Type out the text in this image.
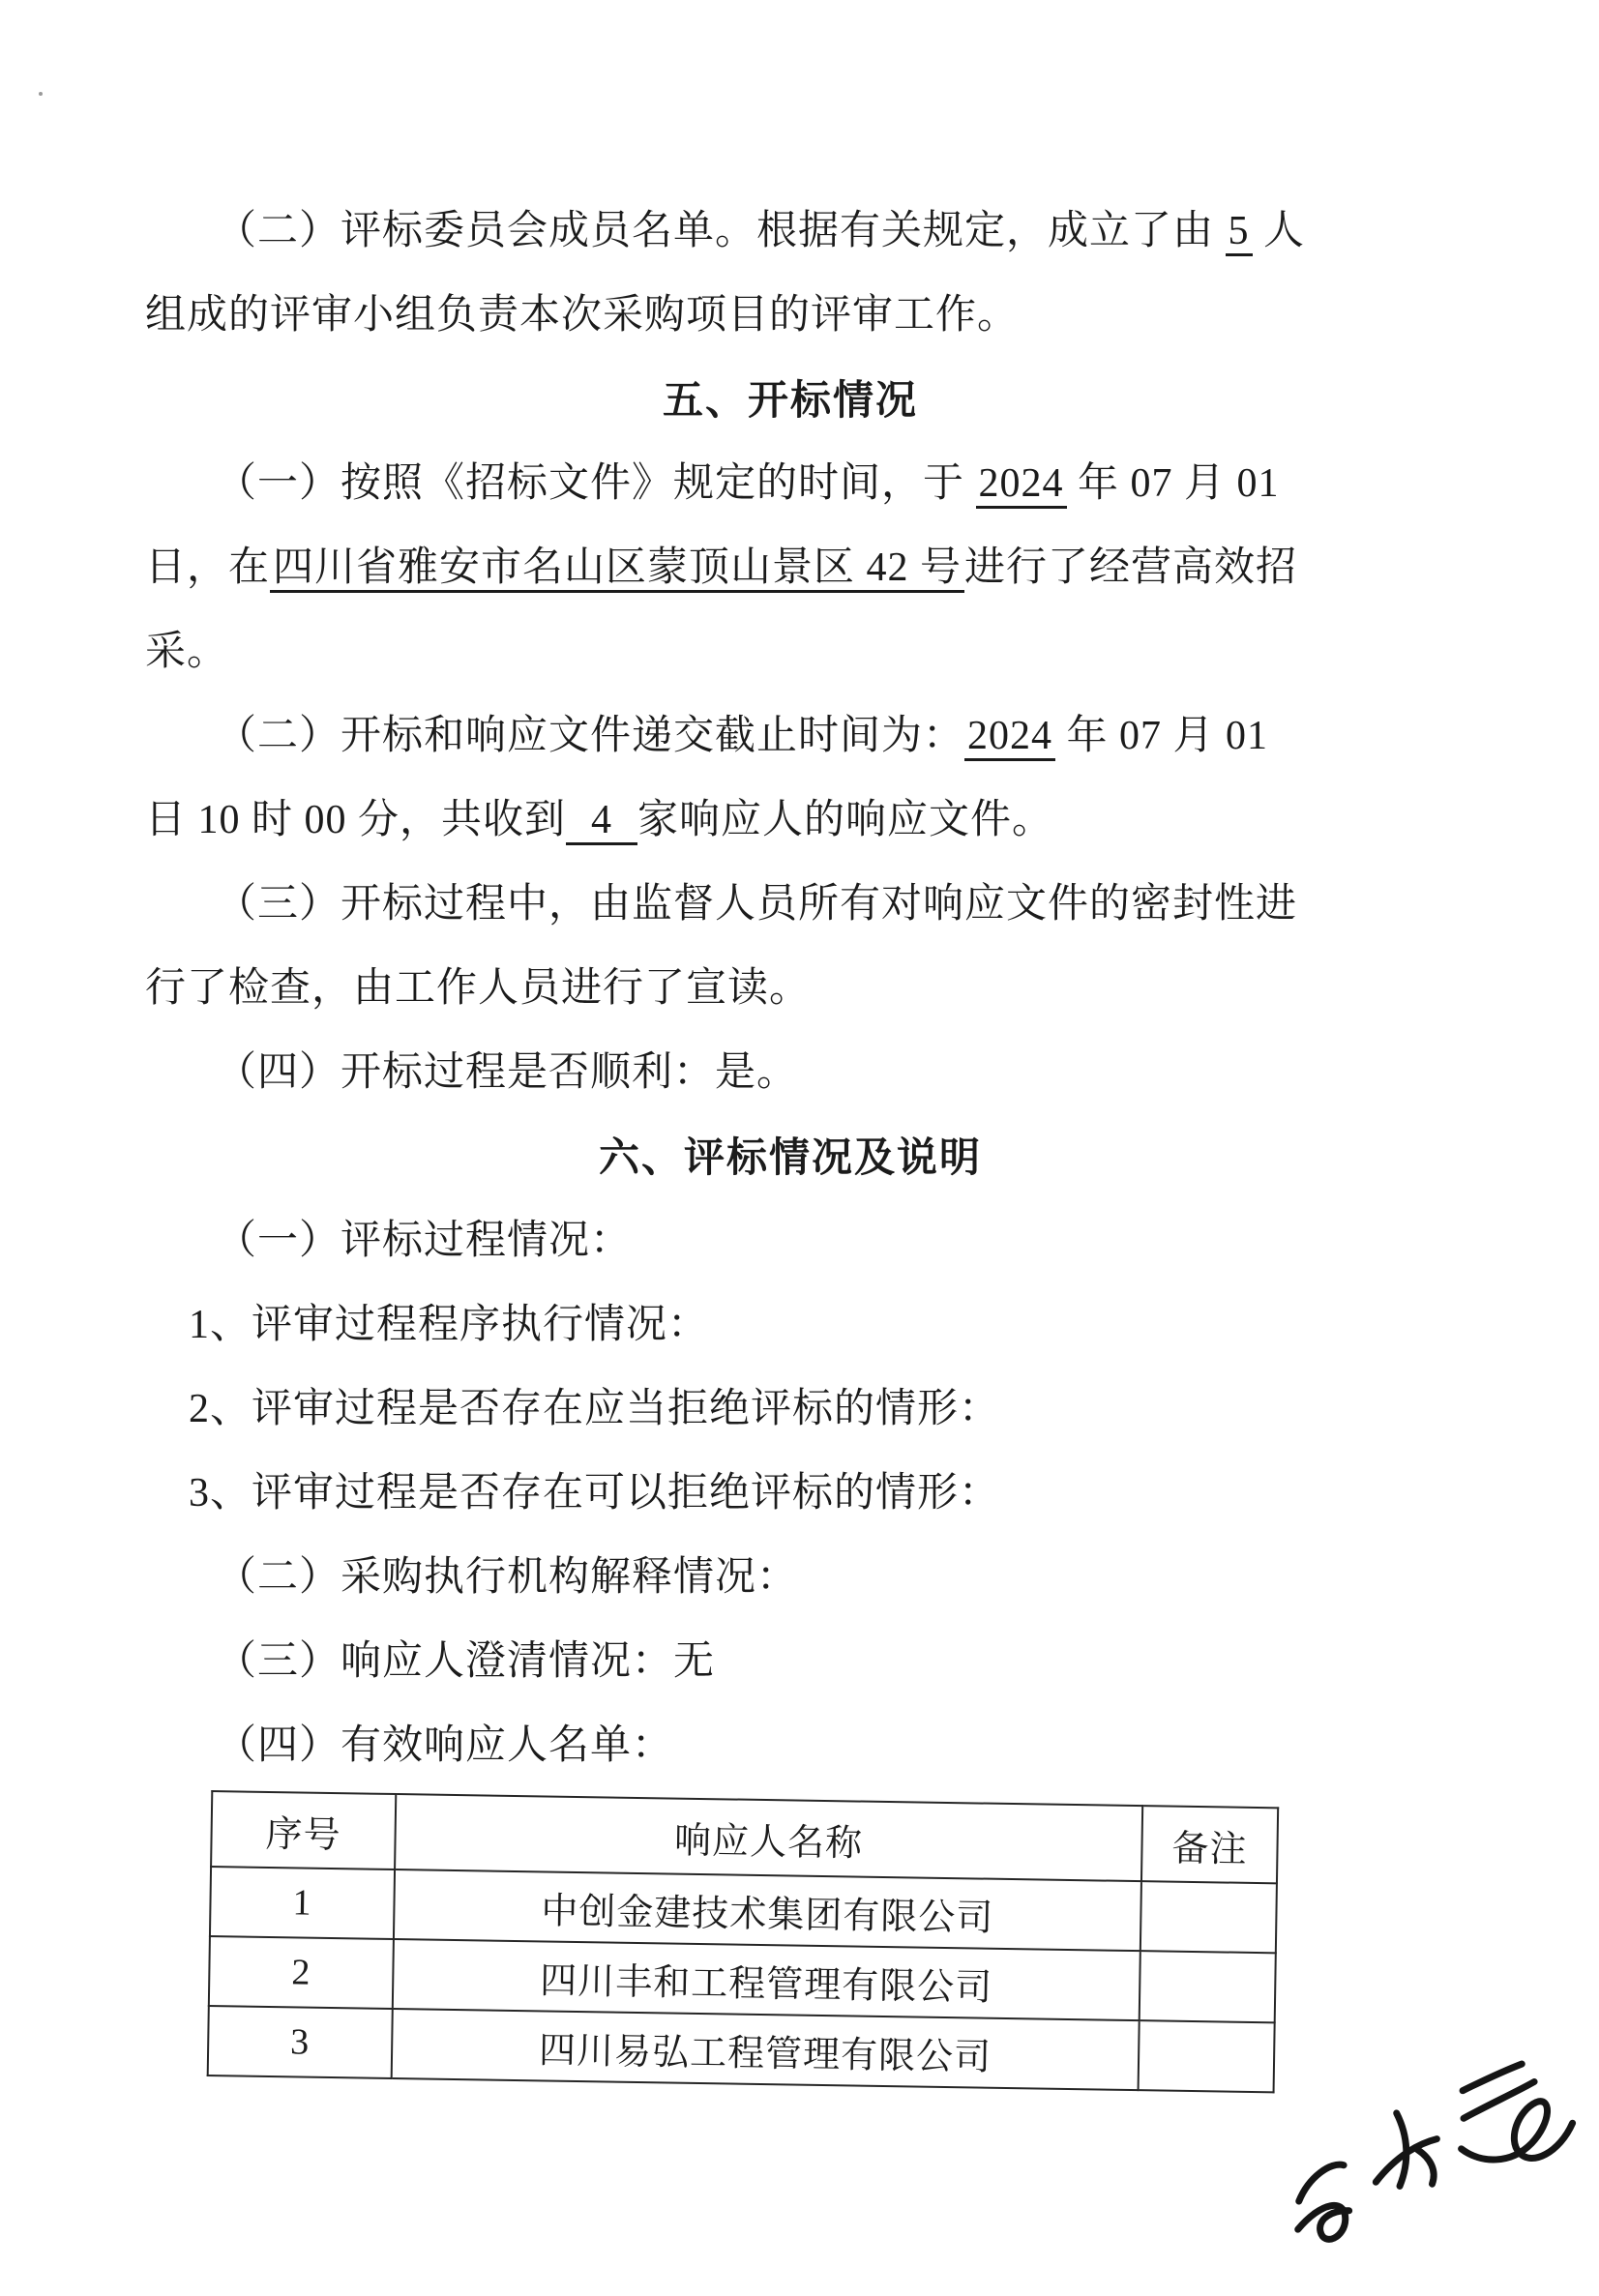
（二）评标委员会成员名单。根据有关规定，成立了由 5 人
组成的评审小组负责本次采购项目的评审工作。
五、开标情况
（一）按照《招标文件》规定的时间，于 2024 年 07 月 01
日，在四川省雅安市名山区蒙顶山景区 42 号进行了经营高效招
采。
（二）开标和响应文件递交截止时间为：2024 年 07 月 01
日 10 时 00 分，共收到  4  家响应人的响应文件。
（三）开标过程中，由监督人员所有对响应文件的密封性进
行了检查，由工作人员进行了宣读。
（四）开标过程是否顺利：是。
六、评标情况及说明
（一）评标过程情况：
1、评审过程程序执行情况：
2、评审过程是否存在应当拒绝评标的情形：
3、评审过程是否存在可以拒绝评标的情形：
（二）采购执行机构解释情况：
（三）响应人澄清情况：无
（四）有效响应人名单：
序号	响应人名称	备注
1	中创金建技术集团有限公司	
2	四川丰和工程管理有限公司	
3	四川易弘工程管理有限公司	
